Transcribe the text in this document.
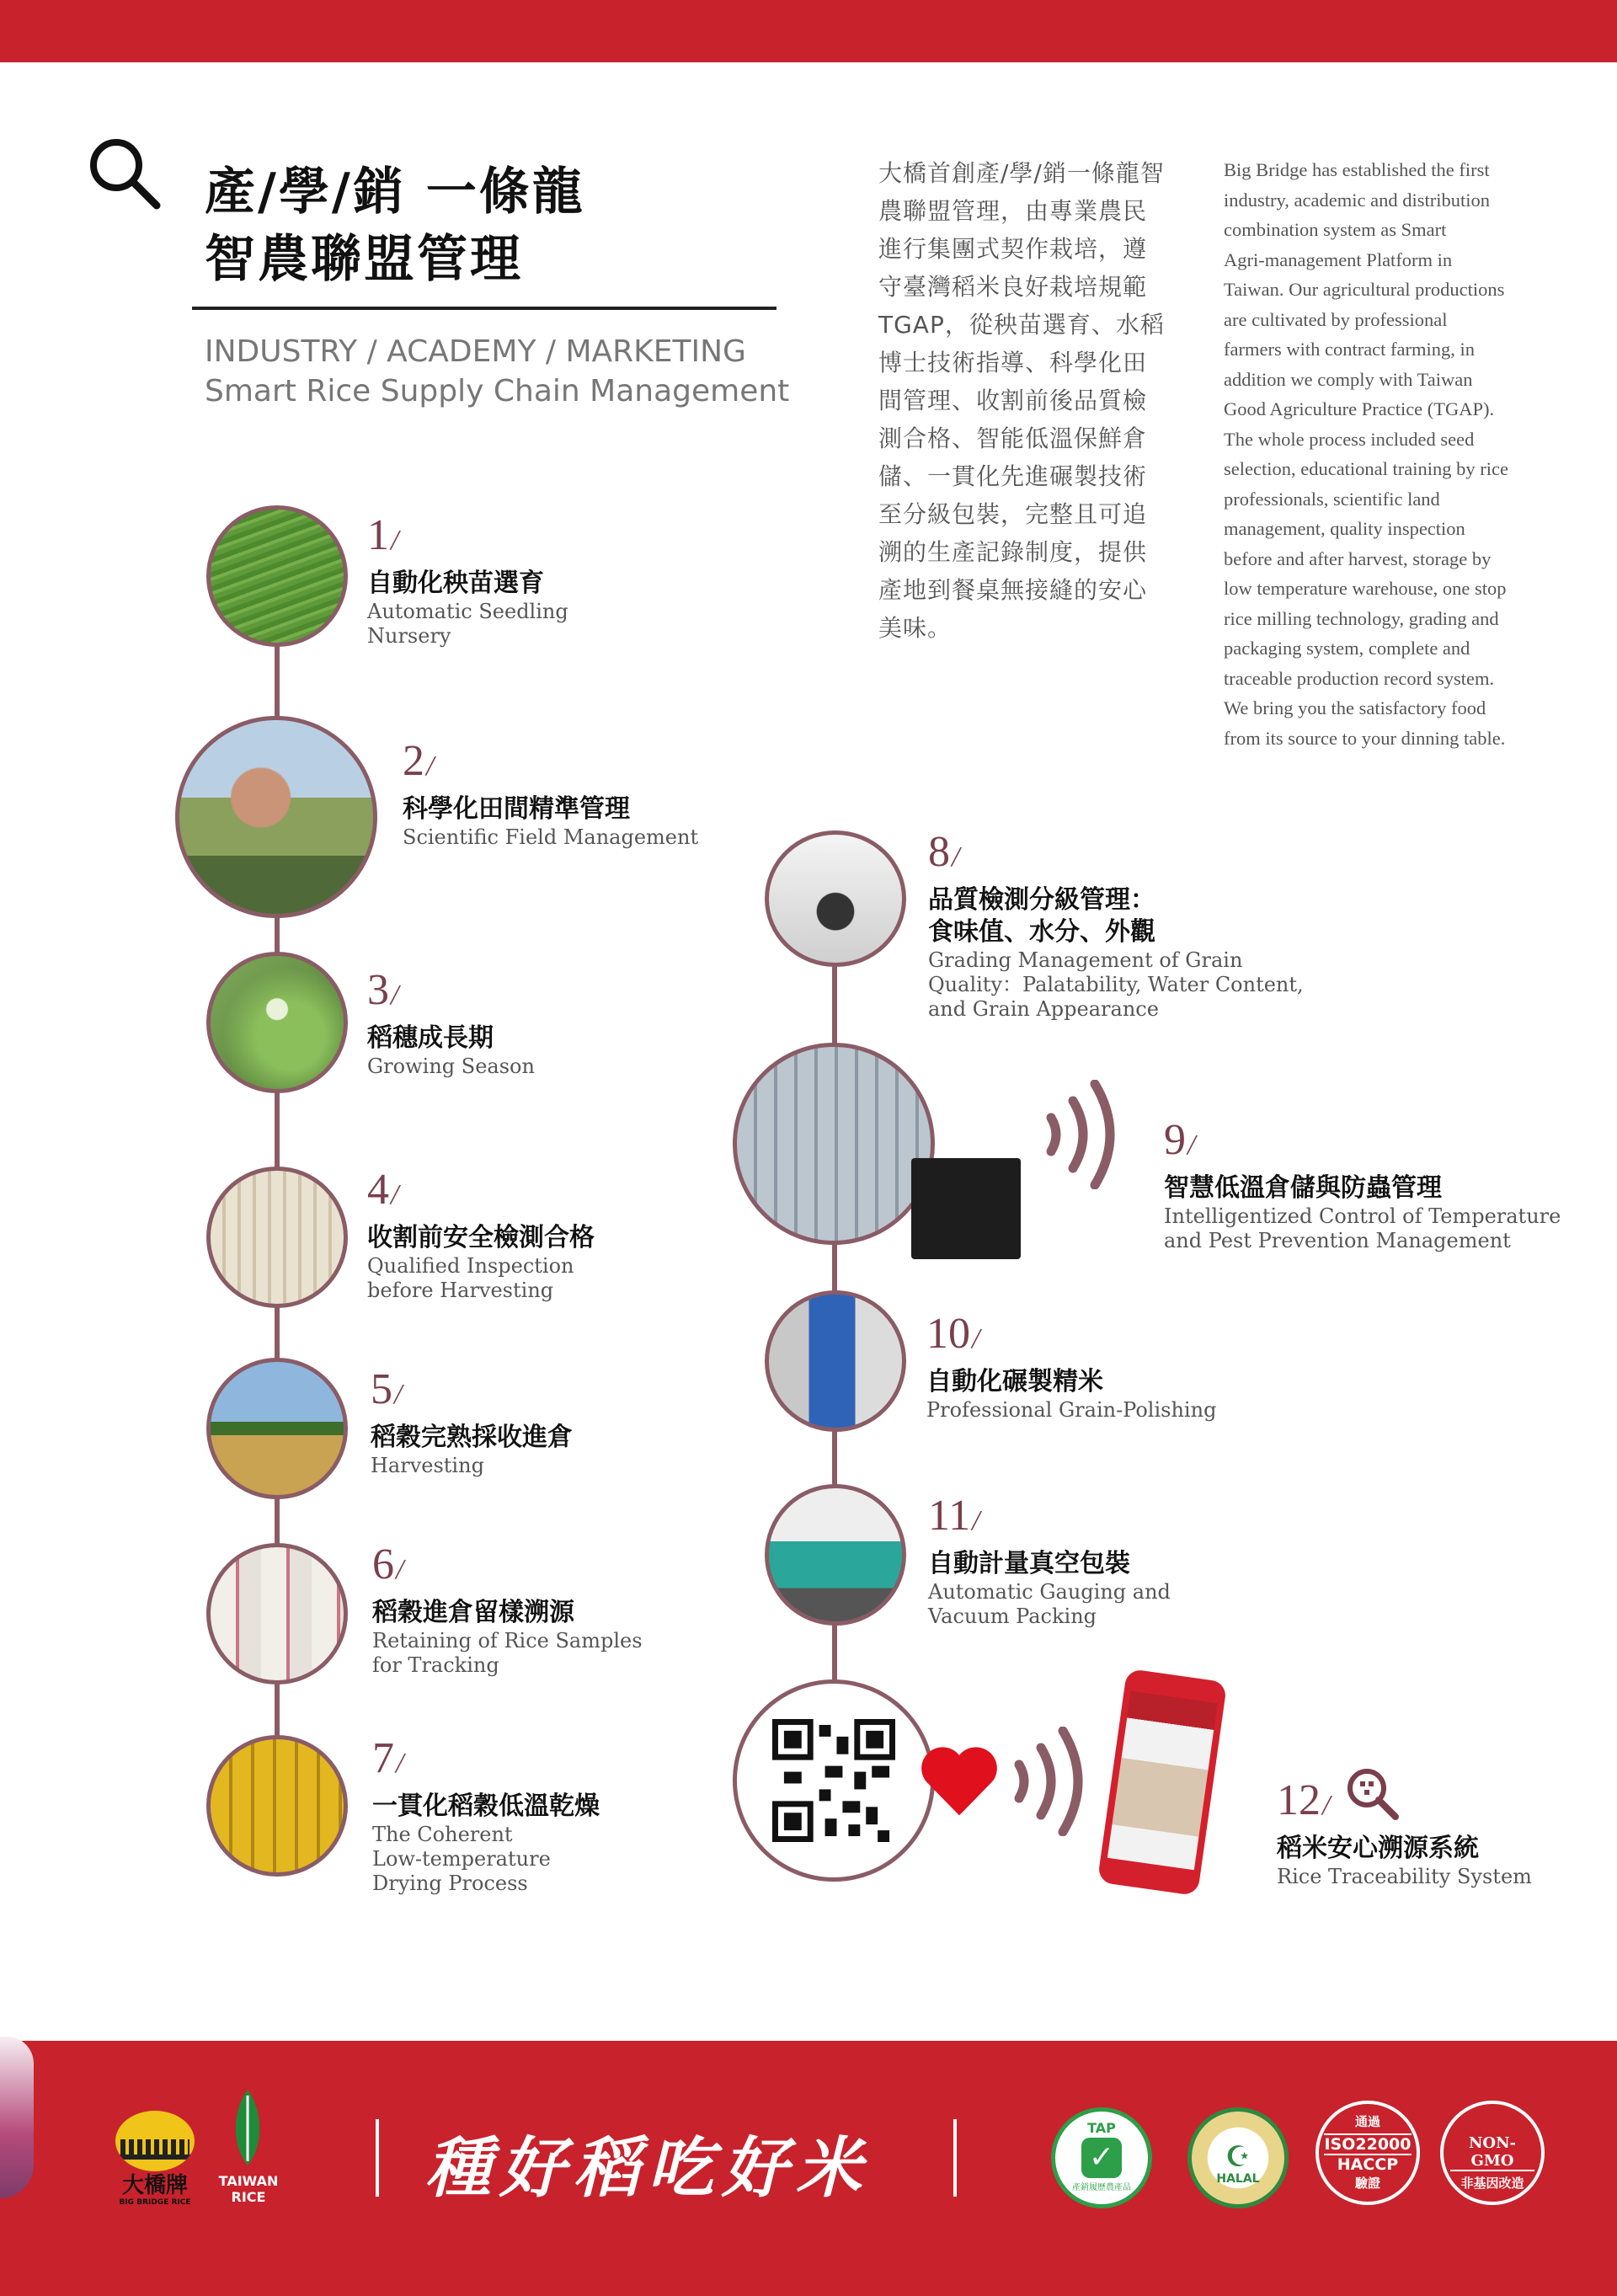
產/學/銷 一條龍
智農聯盟管理
INDUSTRY / ACADEMY / MARKETING
Smart Rice Supply Chain Management
大橋首創產/學/銷一條龍智
農聯盟管理，由專業農民
進行集團式契作栽培，遵
守臺灣稻米良好栽培規範
TGAP，從秧苗選育、水稻
博士技術指導、科學化田
間管理、收割前後品質檢
測合格、智能低溫保鮮倉
儲、一貫化先進碾製技術
至分級包裝，完整且可追
溯的生產記錄制度，提供
產地到餐桌無接縫的安心
美味。
Big Bridge has established the first
industry, academic and distribution
combination system as Smart
Agri-management Platform in
Taiwan. Our agricultural productions
are cultivated by professional
farmers with contract farming, in
addition we comply with Taiwan
Good Agriculture Practice (TGAP).
The whole process included seed
selection, educational training by rice
professionals, scientific land
management, quality inspection
before and after harvest, storage by
low temperature warehouse, one stop
rice milling technology, grading and
packaging system, complete and
traceable production record system.
We bring you the satisfactory food
from its source to your dinning table.
1/
自動化秧苗選育
Automatic Seedling
Nursery
2/
科學化田間精準管理
Scientific Field Management
3/
稻穗成長期
Growing Season
4/
收割前安全檢測合格
Qualified Inspection
before Harvesting
5/
稻穀完熟採收進倉
Harvesting
6/
稻穀進倉留樣溯源
Retaining of Rice Samples
for Tracking
7/
一貫化稻穀低溫乾燥
The Coherent
Low-temperature
Drying Process
8/
品質檢測分級管理：
食味值、水分、外觀
Grading Management of Grain
Quality：Palatability, Water Content,
and Grain Appearance
9/
智慧低溫倉儲與防蟲管理
Intelligentized Control of Temperature
and Pest Prevention Management
10/
自動化碾製精米
Professional Grain-Polishing
11/
自動計量真空包裝
Automatic Gauging and
Vacuum Packing
12/
稻米安心溯源系統
Rice Traceability System
大橋牌
BIG BRIDGE RICE
TAIWAN
RICE 種好稻吃好米
TAP
✓
產銷履歷農產品
☪
HALAL
通過
ISO22000
HACCP
驗證
NON-GMO
非基因改造
